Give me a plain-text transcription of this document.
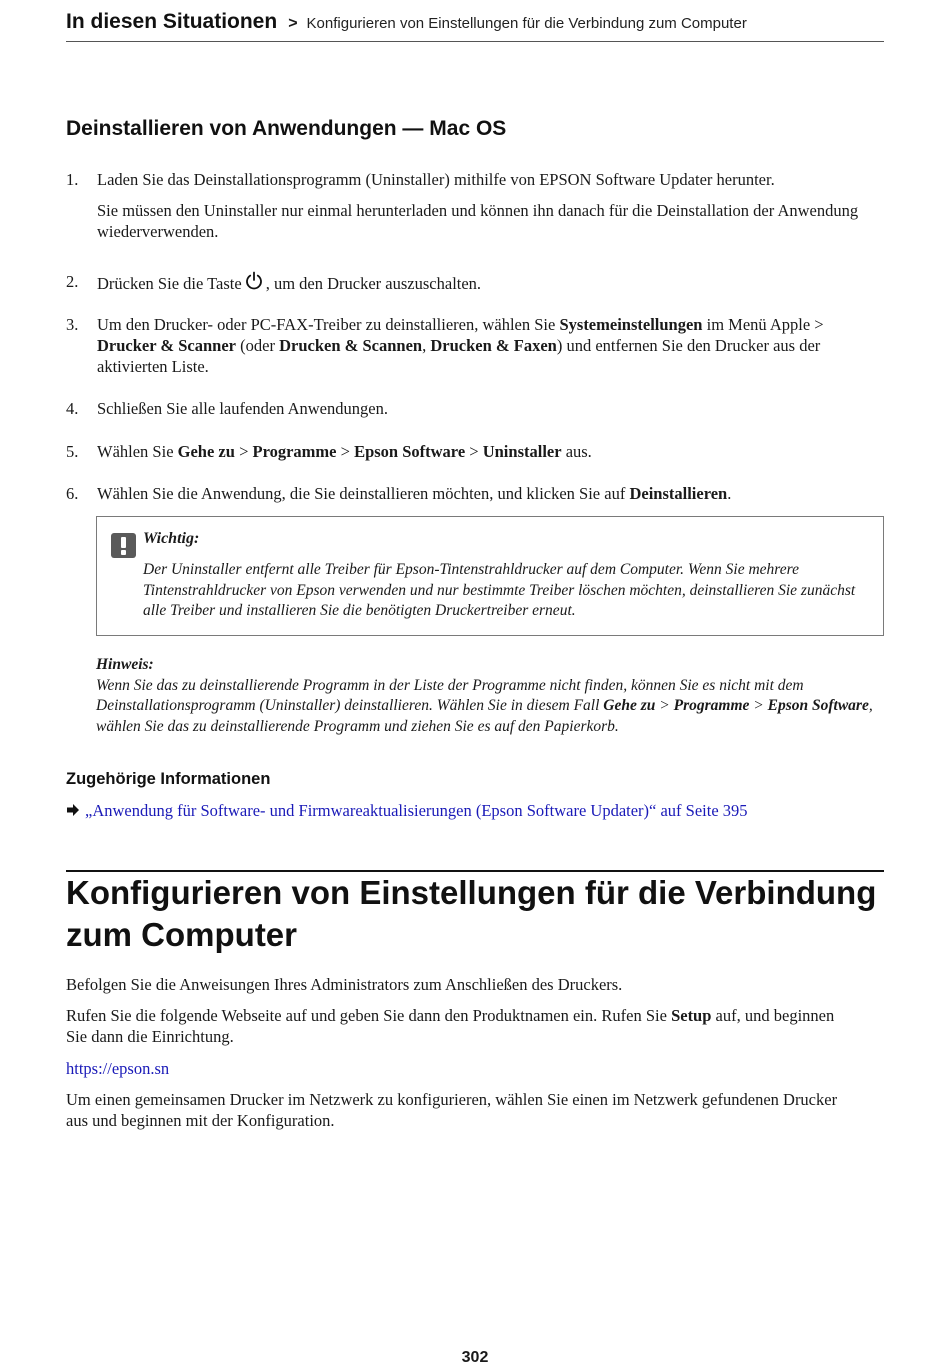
In diesen Situationen > Konfigurieren von Einstellungen für die Verbindung zum Computer
Deinstallieren von Anwendungen — Mac OS
1. Laden Sie das Deinstallationsprogramm (Uninstaller) mithilfe von EPSON Software Updater herunter.
Sie müssen den Uninstaller nur einmal herunterladen und können ihn danach für die Deinstallation der Anwendung wiederverwenden.
2. Drücken Sie die Taste , um den Drucker auszuschalten.
3. Um den Drucker- oder PC-FAX-Treiber zu deinstallieren, wählen Sie Systemeinstellungen im Menü Apple >
Drucker & Scanner (oder Drucken & Scannen, Drucken & Faxen) und entfernen Sie den Drucker aus der aktivierten Liste.
4. Schließen Sie alle laufenden Anwendungen.
5. Wählen Sie Gehe zu > Programme > Epson Software > Uninstaller aus.
6. Wählen Sie die Anwendung, die Sie deinstallieren möchten, und klicken Sie auf Deinstallieren.
Wichtig:
Der Uninstaller entfernt alle Treiber für Epson-Tintenstrahldrucker auf dem Computer. Wenn Sie mehrere Tintenstrahldrucker von Epson verwenden und nur bestimmte Treiber löschen möchten, deinstallieren Sie zunächst alle Treiber und installieren Sie die benötigten Druckertreiber erneut.
Hinweis:
Wenn Sie das zu deinstallierende Programm in der Liste der Programme nicht finden, können Sie es nicht mit dem Deinstallationsprogramm (Uninstaller) deinstallieren. Wählen Sie in diesem Fall Gehe zu > Programme > Epson Software, wählen Sie das zu deinstallierende Programm und ziehen Sie es auf den Papierkorb.
Zugehörige Informationen
„Anwendung für Software- und Firmwareaktualisierungen (Epson Software Updater)“ auf Seite 395
Konfigurieren von Einstellungen für die Verbindung zum Computer
Befolgen Sie die Anweisungen Ihres Administrators zum Anschließen des Druckers.
Rufen Sie die folgende Webseite auf und geben Sie dann den Produktnamen ein. Rufen Sie Setup auf, und beginnen Sie dann die Einrichtung.
https://epson.sn
Um einen gemeinsamen Drucker im Netzwerk zu konfigurieren, wählen Sie einen im Netzwerk gefundenen Drucker aus und beginnen mit der Konfiguration.
302
